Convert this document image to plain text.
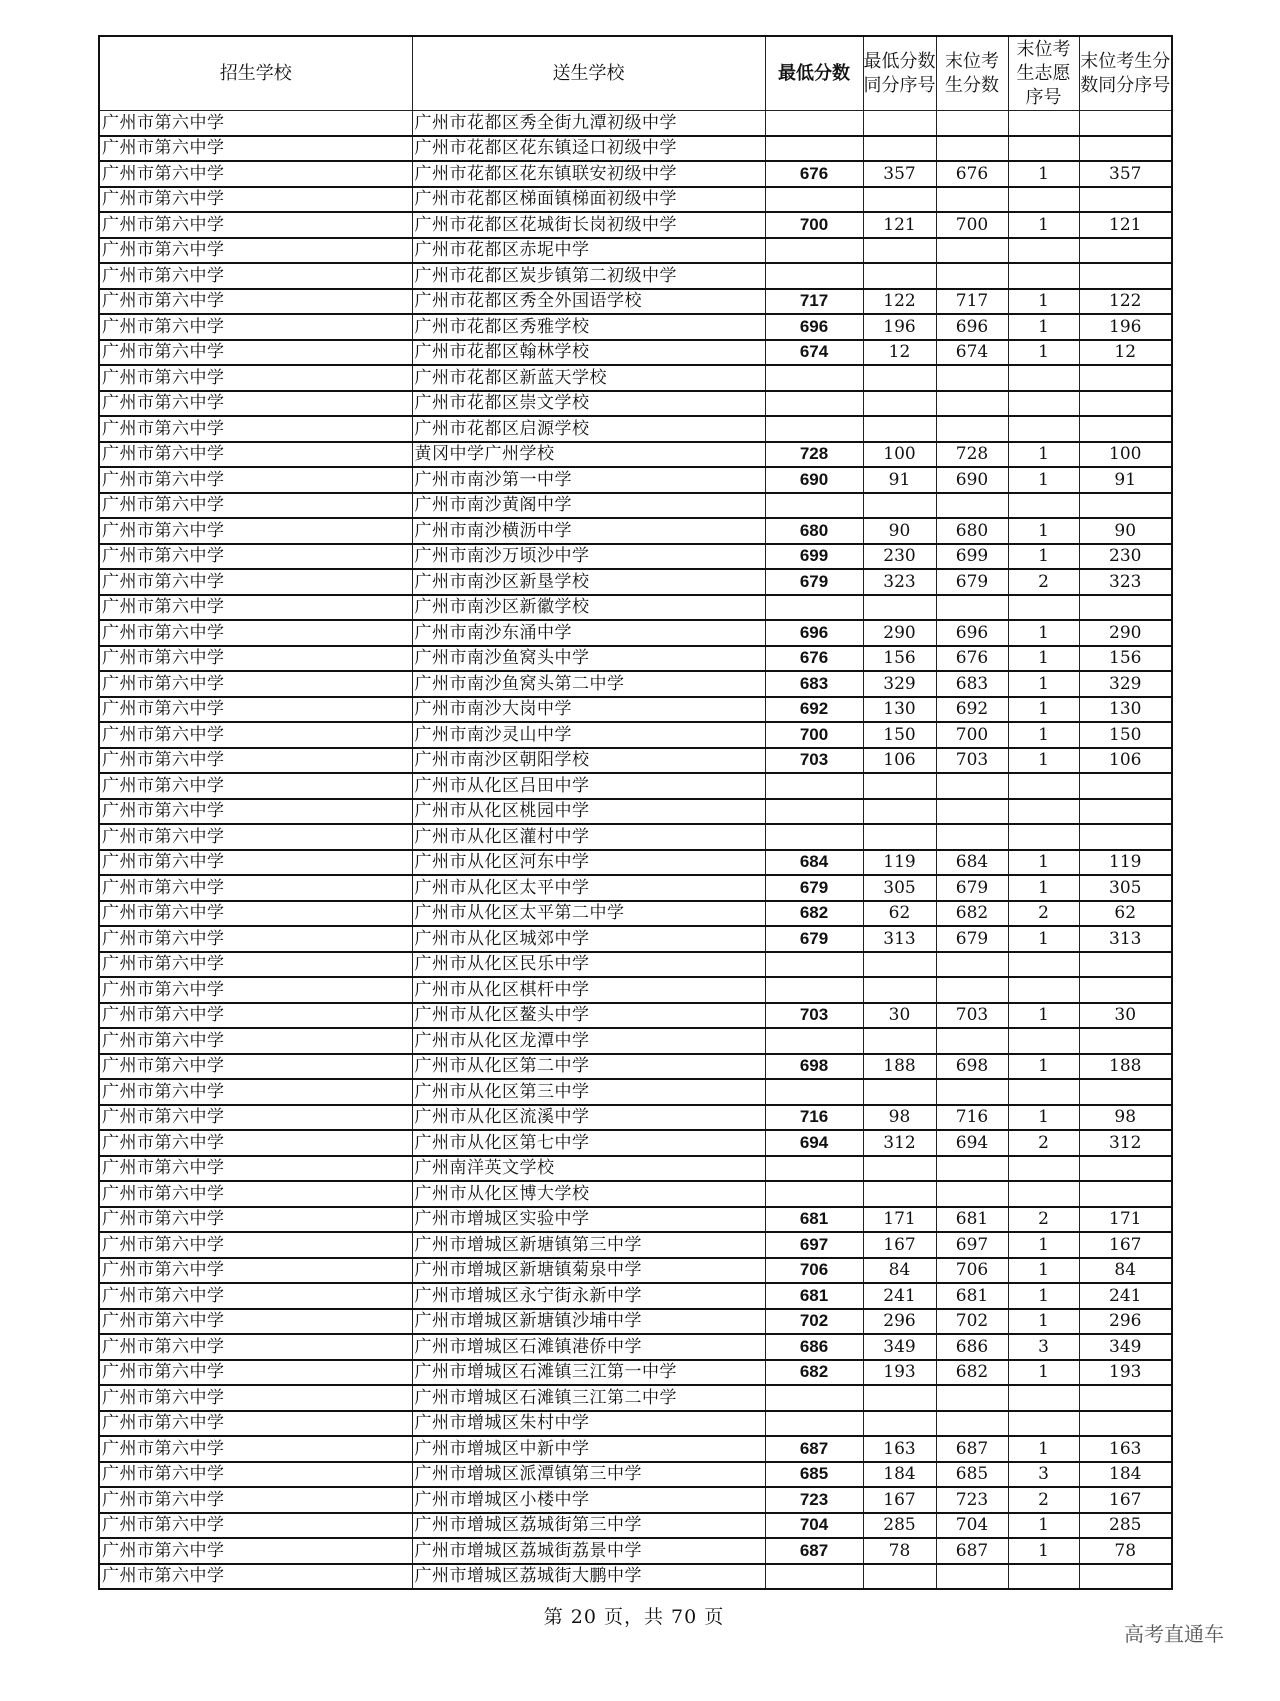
招生学校	送生学校	最低分数	最低分数同分序号	末位考生分数	末位考生志愿序号	末位考生分数同分序号
广州市第六中学	广州市花都区秀全街九潭初级中学					
广州市第六中学	广州市花都区花东镇迳口初级中学					
广州市第六中学	广州市花都区花东镇联安初级中学	676	357	676	1	357
广州市第六中学	广州市花都区梯面镇梯面初级中学					
广州市第六中学	广州市花都区花城街长岗初级中学	700	121	700	1	121
广州市第六中学	广州市花都区赤坭中学					
广州市第六中学	广州市花都区炭步镇第二初级中学					
广州市第六中学	广州市花都区秀全外国语学校	717	122	717	1	122
广州市第六中学	广州市花都区秀雅学校	696	196	696	1	196
广州市第六中学	广州市花都区翰林学校	674	12	674	1	12
广州市第六中学	广州市花都区新蓝天学校					
广州市第六中学	广州市花都区崇文学校					
广州市第六中学	广州市花都区启源学校					
广州市第六中学	黄冈中学广州学校	728	100	728	1	100
广州市第六中学	广州市南沙第一中学	690	91	690	1	91
广州市第六中学	广州市南沙黄阁中学					
广州市第六中学	广州市南沙横沥中学	680	90	680	1	90
广州市第六中学	广州市南沙万顷沙中学	699	230	699	1	230
广州市第六中学	广州市南沙区新垦学校	679	323	679	2	323
广州市第六中学	广州市南沙区新徽学校					
广州市第六中学	广州市南沙东涌中学	696	290	696	1	290
广州市第六中学	广州市南沙鱼窝头中学	676	156	676	1	156
广州市第六中学	广州市南沙鱼窝头第二中学	683	329	683	1	329
广州市第六中学	广州市南沙大岗中学	692	130	692	1	130
广州市第六中学	广州市南沙灵山中学	700	150	700	1	150
广州市第六中学	广州市南沙区朝阳学校	703	106	703	1	106
广州市第六中学	广州市从化区吕田中学					
广州市第六中学	广州市从化区桃园中学					
广州市第六中学	广州市从化区灌村中学					
广州市第六中学	广州市从化区河东中学	684	119	684	1	119
广州市第六中学	广州市从化区太平中学	679	305	679	1	305
广州市第六中学	广州市从化区太平第二中学	682	62	682	2	62
广州市第六中学	广州市从化区城郊中学	679	313	679	1	313
广州市第六中学	广州市从化区民乐中学					
广州市第六中学	广州市从化区棋杆中学					
广州市第六中学	广州市从化区鳌头中学	703	30	703	1	30
广州市第六中学	广州市从化区龙潭中学					
广州市第六中学	广州市从化区第二中学	698	188	698	1	188
广州市第六中学	广州市从化区第三中学					
广州市第六中学	广州市从化区流溪中学	716	98	716	1	98
广州市第六中学	广州市从化区第七中学	694	312	694	2	312
广州市第六中学	广州南洋英文学校					
广州市第六中学	广州市从化区博大学校					
广州市第六中学	广州市增城区实验中学	681	171	681	2	171
广州市第六中学	广州市增城区新塘镇第三中学	697	167	697	1	167
广州市第六中学	广州市增城区新塘镇菊泉中学	706	84	706	1	84
广州市第六中学	广州市增城区永宁街永新中学	681	241	681	1	241
广州市第六中学	广州市增城区新塘镇沙埔中学	702	296	702	1	296
广州市第六中学	广州市增城区石滩镇港侨中学	686	349	686	3	349
广州市第六中学	广州市增城区石滩镇三江第一中学	682	193	682	1	193
广州市第六中学	广州市增城区石滩镇三江第二中学					
广州市第六中学	广州市增城区朱村中学					
广州市第六中学	广州市增城区中新中学	687	163	687	1	163
广州市第六中学	广州市增城区派潭镇第三中学	685	184	685	3	184
广州市第六中学	广州市增城区小楼中学	723	167	723	2	167
广州市第六中学	广州市增城区荔城街第三中学	704	285	704	1	285
广州市第六中学	广州市增城区荔城街荔景中学	687	78	687	1	78
广州市第六中学	广州市增城区荔城街大鹏中学					
第 20 页，共 70 页
高考直通车
